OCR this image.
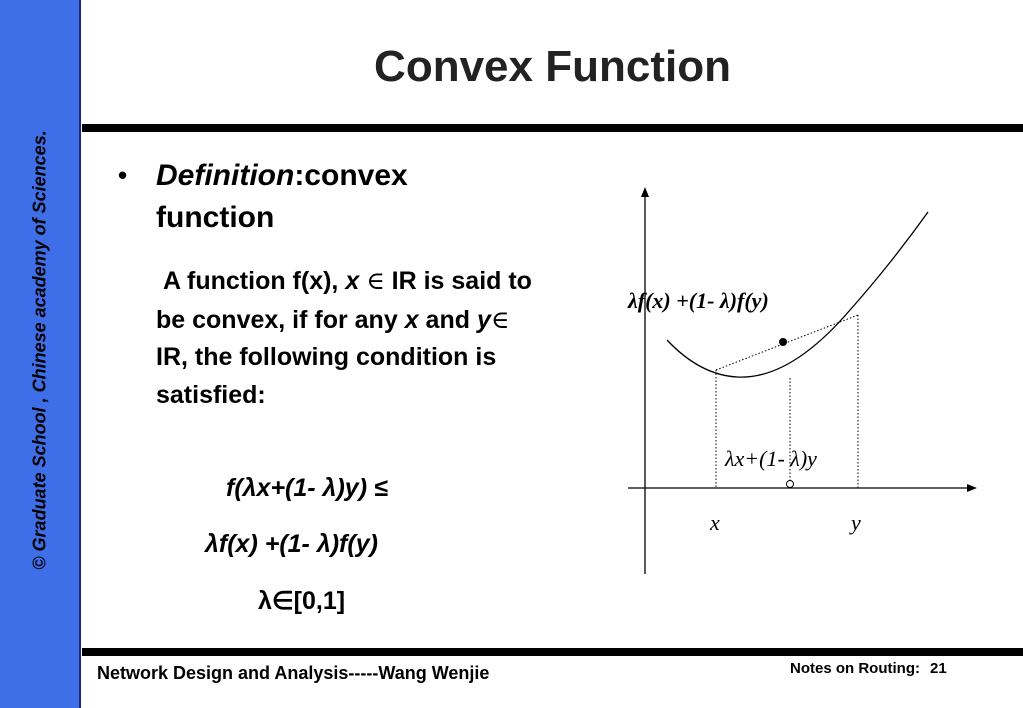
© Graduate School , Chinese academy of Sciences.
Convex Function
• Definition:convex function
A function f(x), x ∈ IR is said to be convex, if for any x and y∈ IR, the following condition is satisfied:
f(λx+(1- λ)y) ≤
λf(x) +(1- λ)f(y)
λ∈[0,1]
λf(x) +(1- λ)f(y)
λx+(1- λ)y
x	y
Network Design and Analysis-----Wang Wenjie	Notes on Routing: 21
